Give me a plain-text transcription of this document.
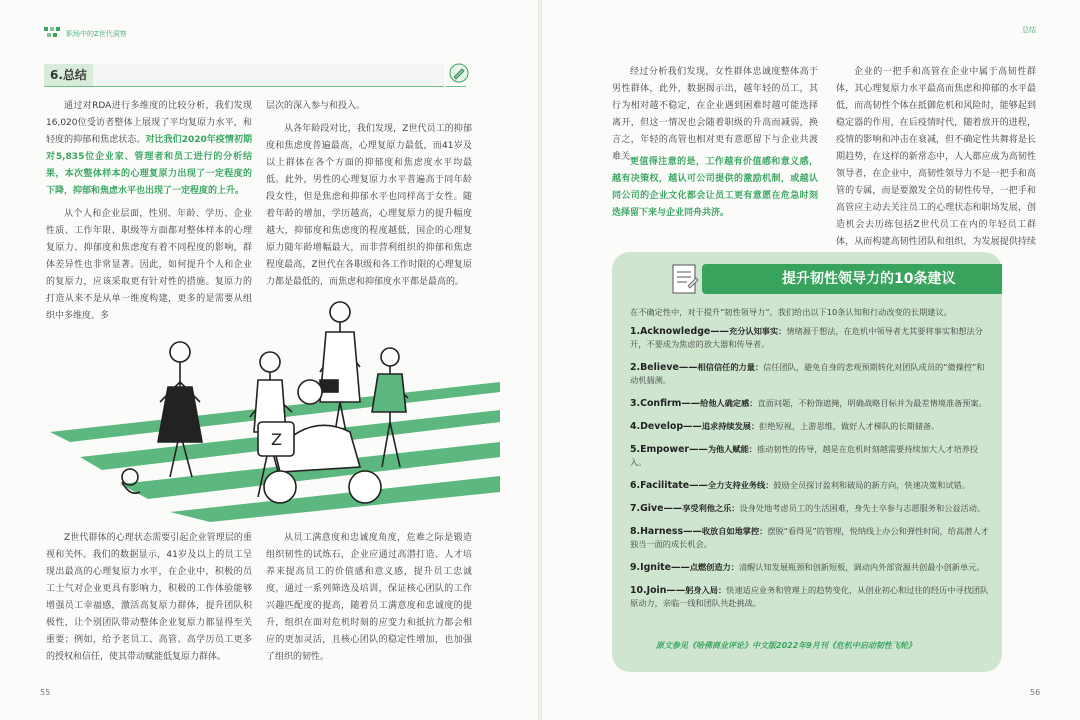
职场中的Z世代洞察	总结
6.总结

通过对RDA进行多维度的比较分析，我们发现16,020位受访者整体上展现了平均复原力水平，和轻度的抑郁和焦虑状态。对比我们2020年疫情初期对5,835位企业家、管理者和员工进行的分析结果，本次整体样本的心理复原力出现了一定程度的下降，抑郁和焦虑水平也出现了一定程度的上升。

从个人和企业层面，性别、年龄、学历、企业性质、工作年限、职级等方面都对整体样本的心理复原力、抑郁度和焦虑度有着不同程度的影响，群体差异性也非常显著。因此，如何提升个人和企业的复原力，应该采取更有针对性的措施。复原力的打造从来不是从单一维度构建，更多的是需要从组织中多维度、多

层次的深入参与和投入。

从各年龄段对比，我们发现，Z世代员工的抑郁度和焦虑度普遍最高，心理复原力最低，而41岁及以上群体在各个方面的抑郁度和焦虑度水平均最低。此外，男性的心理复原力水平普遍高于同年龄段女性，但是焦虑和抑郁水平也同样高于女性。随着年龄的增加，学历越高，心理复原力的提升幅度越大，抑郁度和焦虑度的程度越低，国企的心理复原力随年龄增幅最大，而非营利组织的抑郁和焦虑程度最高，Z世代在各职级和各工作时限的心理复原力都是最低的，而焦虑和抑郁度水平都是最高的。

Z

Z世代群体的心理状态需要引起企业管理层的重视和关怀。我们的数据显示，41岁及以上的员工呈现出最高的心理复原力水平，在企业中，积极的员工士气对企业更具有影响力，积极的工作体验能够增强员工幸福感，激活高复原力群体，提升团队积极性，让个别团队带动整体企业复原力都显得至关重要；例如，给予老员工、高管、高学历员工更多的授权和信任，使其带动赋能低复原力群体。

从员工满意度和忠诚度角度，危难之际是锻造组织韧性的试炼石，企业应通过高潜打造、人才培养来提高员工的价值感和意义感，提升员工忠诚度，通过一系列筛选及培训，保证核心团队的工作兴趣匹配度的提高，随着员工满意度和忠诚度的提升，组织在面对危机时刻的应变力和抵抗力都会相应的更加灵活，且核心团队的稳定性增加，也加强了组织的韧性。

55

经过分析我们发现，女性群体忠诚度整体高于男性群体，此外，数据揭示出，越年轻的员工，其行为相对越不稳定，在企业遇到困难时越可能选择离开，但这一情况也会随着职级的升高而减弱，换言之，年轻的高管也相对更有意愿留下与企业共渡难关。

更值得注意的是，工作越有价值感和意义感，越有决策权，越认可公司提供的激励机制，或越认同公司的企业文化都会让员工更有意愿在危急时刻选择留下来与企业同舟共济。

企业的一把手和高管在企业中属于高韧性群体，其心理复原力水平最高而焦虑和抑郁的水平最低，而高韧性个体在抵御危机和风险时，能够起到稳定器的作用，在后疫情时代，随着放开的进程，疫情的影响和冲击在衰减，但不确定性共舞将是长期趋势，在这样的新常态中，人人都应成为高韧性领导者，在企业中，高韧性领导力不是一把手和高管的专属，而是要激发全员的韧性传导，一把手和高管应主动去关注员工的心理状态和职场发展，创造机会去历练包括Z世代员工在内的年轻员工群体，从而构建高韧性团队和组织，为发展提供持续

提升韧性领导力的10条建议

在不确定性中，对于提升“韧性领导力”，我们给出以下10条认知和行动改变的长期建议。

1.Acknowledge——充分认知事实：情绪源于想法，在危机中领导者尤其要将事实和想法分开，不要成为焦虑的放大器和传导者。

2.Believe——相信信任的力量：信任团队，避免自身的悲观预期转化对团队成员的“微操控”和动机揣测。

3.Confirm——给他人确定感：直面问题，不粉饰遮掩，明确战略目标并为最差情境准备预案。

4.Develop——追求持续发展：拒绝短视，上游思维，做好人才梯队的长期储备。

5.Empower——为他人赋能：推动韧性的传导，越是在危机时刻越需要持续加大人才培养投入。

6.Facilitate——全力支持业务线：鼓励全员探讨盈利和破局的新方向，快速决策和试错。

7.Give——享受利他之乐：设身处地考虑员工的生活困难，身先士卒参与志愿服务和公益活动。

8.Harness——收放自如地掌控：摆脱“看得见”的管理，悦纳线上办公和弹性时间，给高潜人才独当一面的成长机会。

9.Ignite——点燃创造力：清醒认知发展瓶颈和创新短板，调动内外部资源共创最小创新单元。

10.Join——躬身入局：快速适应业务和管理上的趋势变化，从创业初心和过往的经历中寻找团队原动力，亲临一线和团队共赴挑战。

原文参见《哈佛商业评论》中文版2022年9月刊《危机中启动韧性飞轮》
56
